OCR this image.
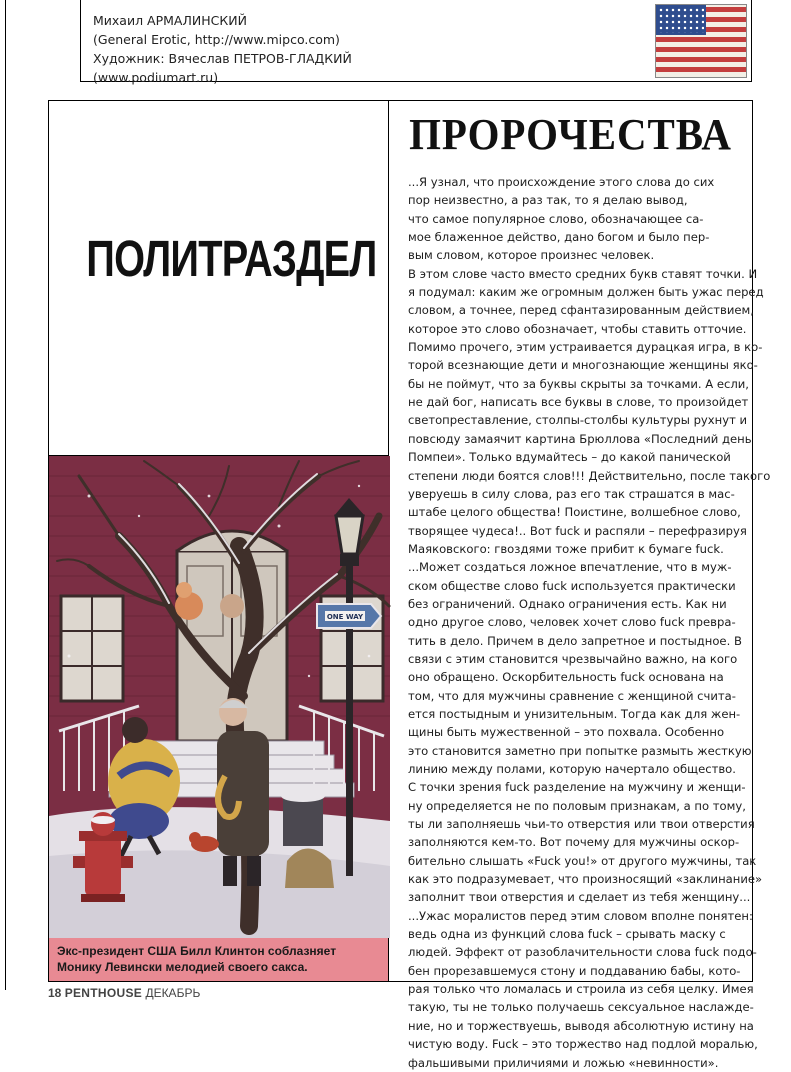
Михаил АРМАЛИНСКИЙ
(General Erotic, http://www.mipco.com)
Художник: Вячеслав ПЕТРОВ-ГЛАДКИЙ
(www.podiumart.ru)
ПОЛИТРАЗДЕЛ
ONE WAY
Экс-президент США Билл Клинтон соблазняет
Монику Левински мелодией своего сакса.
ПРОРОЧЕСТВА
...Я узнал, что происхождение этого слова до сих
пор неизвестно, а раз так, то я делаю вывод,
что самое популярное слово, обозначающее са-
мое блаженное действо, дано богом и было пер-
вым словом, которое произнес человек.
В этом слове часто вместо средних букв ставят точки. И
я подумал: каким же огромным должен быть ужас перед
словом, а точнее, перед сфантазированным действием,
которое это слово обозначает, чтобы ставить отточие.
Помимо прочего, этим устраивается дурацкая игра, в ко-
торой всезнающие дети и многознающие женщины яко-
бы не поймут, что за буквы скрыты за точками. А если,
не дай бог, написать все буквы в слове, то произойдет
светопреставление, столпы-столбы культуры рухнут и
повсюду замаячит картина Брюллова «Последний день
Помпеи». Только вдумайтесь – до какой панической
степени люди боятся слов!!! Действительно, после такого
уверуешь в силу слова, раз его так страшатся в мас-
штабе целого общества! Поистине, волшебное слово,
творящее чудеса!.. Вот fuck и распяли – перефразируя
Маяковского: гвоздями тоже прибит к бумаге fuck.
...Может создаться ложное впечатление, что в муж-
ском обществе слово fuck используется практически
без ограничений. Однако ограничения есть. Как ни
одно другое слово, человек хочет слово fuck превра-
тить в дело. Причем в дело запретное и постыдное. В
связи с этим становится чрезвычайно важно, на кого
оно обращено. Оскорбительность fuck основана на
том, что для мужчины сравнение с женщиной счита-
ется постыдным и унизительным. Тогда как для жен-
щины быть мужественной – это похвала. Особенно
это становится заметно при попытке размыть жесткую
линию между полами, которую начертало общество.
С точки зрения fuck разделение на мужчину и женщи-
ну определяется не по половым признакам, а по тому,
ты ли заполняешь чьи-то отверстия или твои отверстия
заполняются кем-то. Вот почему для мужчины оскор-
бительно слышать «Fuck you!» от другого мужчины, так
как это подразумевает, что произносящий «заклинание»
заполнит твои отверстия и сделает из тебя женщину...
...Ужас моралистов перед этим словом вполне понятен:
ведь одна из функций слова fuck – срывать маску с
людей. Эффект от разоблачительности слова fuck подо-
бен прорезавшемуся стону и поддаванию бабы, кото-
рая только что ломалась и строила из себя целку. Имея
такую, ты не только получаешь сексуальное наслажде-
ние, но и торжествуешь, выводя абсолютную истину на
чистую воду. Fuck – это торжество над подлой моралью,
фальшивыми приличиями и ложью «невинности».
18 PENTHOUSE ДЕКАБРЬ
